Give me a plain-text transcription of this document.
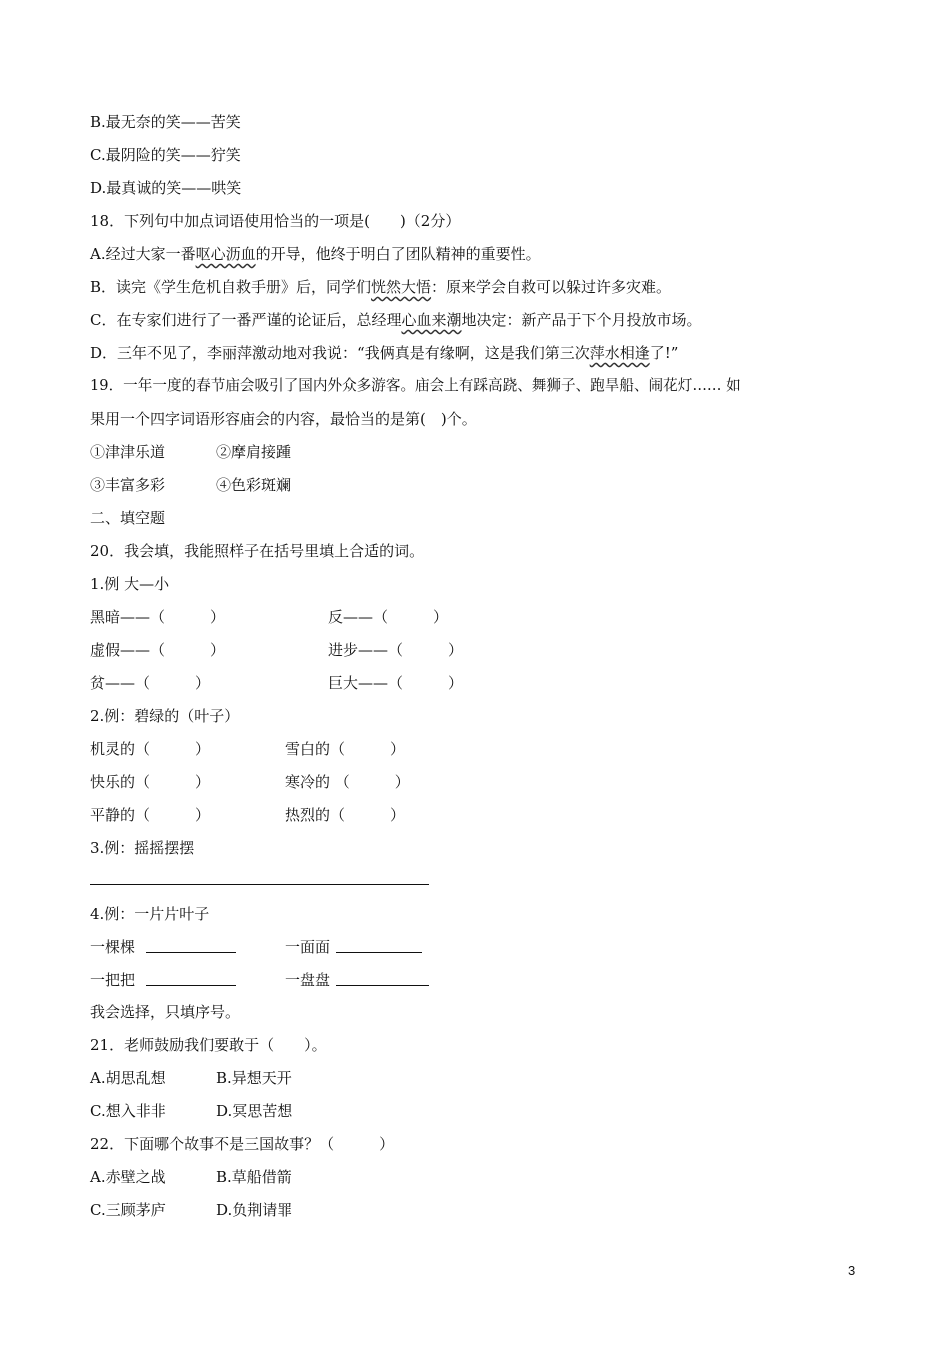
B.最无奈的笑——苦笑
C.最阴险的笑——狞笑
D.最真诚的笑——哄笑
18．下列句中加点词语使用恰当的一项是(　　)（2分）
A.经过大家一番呕心沥血的开导，他终于明白了团队精神的重要性。
B．读完《学生危机自救手册》后，同学们恍然大悟：原来学会自救可以躲过许多灾难。
C．在专家们进行了一番严谨的论证后，总经理心血来潮地决定：新产品于下个月投放市场。
D．三年不见了，李丽萍激动地对我说：“我俩真是有缘啊，这是我们第三次萍水相逢了!”
19．一年一度的春节庙会吸引了国内外众多游客。庙会上有踩高跷、舞狮子、跑旱船、闹花灯…… 如
果用一个四字词语形容庙会的内容，最恰当的是第(　)个。
①津津乐道	②摩肩接踵
③丰富多彩	④色彩斑斓
二、填空题
20．我会填，我能照样子在括号里填上合适的词。
1.例 大—小
黑暗——（　　　）	反——（　　　）
虚假——（　　　）	进步——（　　　）
贫——（　　　）	巨大——（　　　）
2.例：碧绿的（叶子）
机灵的（　　　）	雪白的（　　　）
快乐的（　　　）	寒冷的 （　　　）
平静的（　　　）	热烈的（　　　）
3.例：摇摇摆摆
4.例：一片片叶子
一棵棵	一面面
一把把	一盘盘
我会选择，只填序号。
21．老师鼓励我们要敢于（　　）。
A.胡思乱想	B.异想天开
C.想入非非	D.冥思苦想
22．下面哪个故事不是三国故事？（　　　）
A.赤壁之战	B.草船借箭
C.三顾茅庐	D.负荆请罪
3
